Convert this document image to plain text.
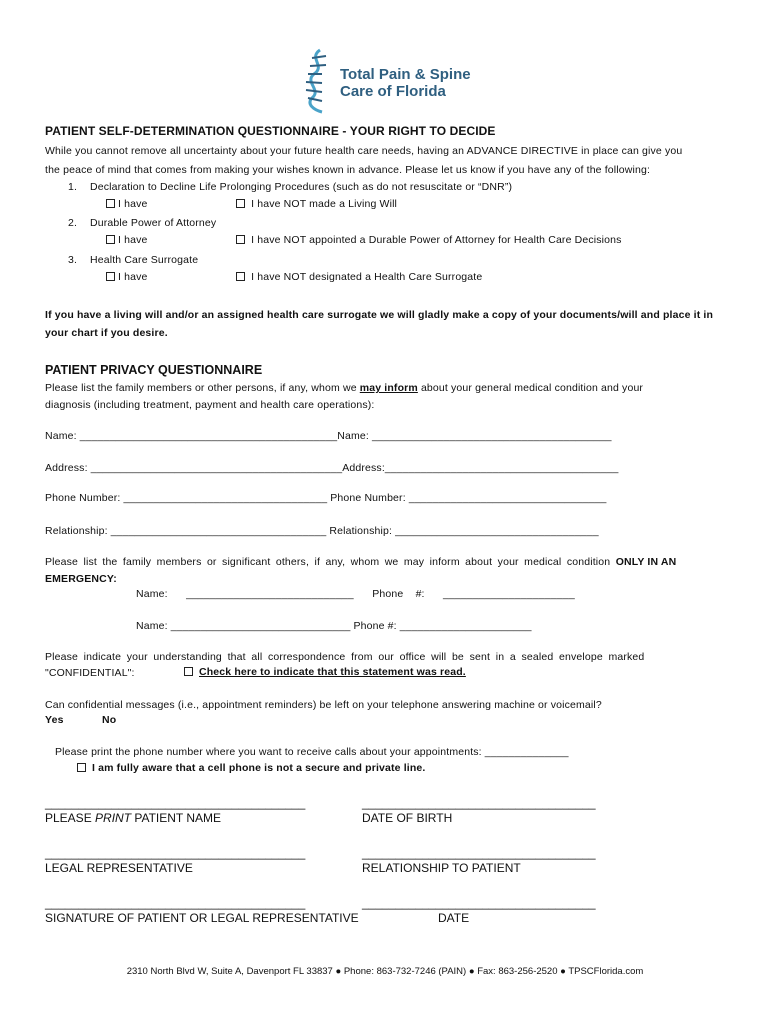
Total Pain & Spine
Care of Florida
PATIENT SELF-DETERMINATION QUESTIONNAIRE - YOUR RIGHT TO DECIDE
While you cannot remove all uncertainty about your future health care needs, having an ADVANCE DIRECTIVE in place can give you
the peace of mind that comes from making your wishes known in advance. Please let us know if you have any of the following:
1. Declaration to Decline Life Prolonging Procedures (such as do not resuscitate or “DNR”)
I have	I have NOT made a Living Will
2. Durable Power of Attorney
I have	I have NOT appointed a Durable Power of Attorney for Health Care Decisions
3. Health Care Surrogate
I have	I have NOT designated a Health Care Surrogate
If you have a living will and/or an assigned health care surrogate we will gladly make a copy of your documents/will and place it in
your chart if you desire.
PATIENT PRIVACY QUESTIONNAIRE
Please list the family members or other persons, if any, whom we may inform about your general medical condition and your
diagnosis (including treatment, payment and health care operations):
Name: ___________________________________________Name: ________________________________________
Address: __________________________________________Address:_______________________________________
Phone Number: __________________________________ Phone Number: _________________________________
Relationship: ____________________________________ Relationship: __________________________________
Please list the family members or significant others, if any, whom we may inform about your medical condition ONLY IN AN
EMERGENCY:
Name:      ____________________________      Phone    #:      ______________________
Name: ______________________________ Phone #: ______________________
Please indicate your understanding that all correspondence from our office will be sent in a sealed envelope marked
"CONFIDENTIAL":	Check here to indicate that this statement was read.
Can confidential messages (i.e., appointment reminders) be left on your telephone answering machine or voicemail?
Yes	No
Please print the phone number where you want to receive calls about your appointments: ______________
I am fully aware that a cell phone is not a secure and private line.
_______________________________________	___________________________________
PLEASE PRINT PATIENT NAME	DATE OF BIRTH
_______________________________________	___________________________________
LEGAL REPRESENTATIVE	RELATIONSHIP TO PATIENT
_______________________________________	___________________________________
SIGNATURE OF PATIENT OR LEGAL REPRESENTATIVE	DATE
2310 North Blvd W, Suite A, Davenport FL 33837 ● Phone: 863-732-7246 (PAIN) ● Fax: 863-256-2520 ● TPSCFlorida.com
